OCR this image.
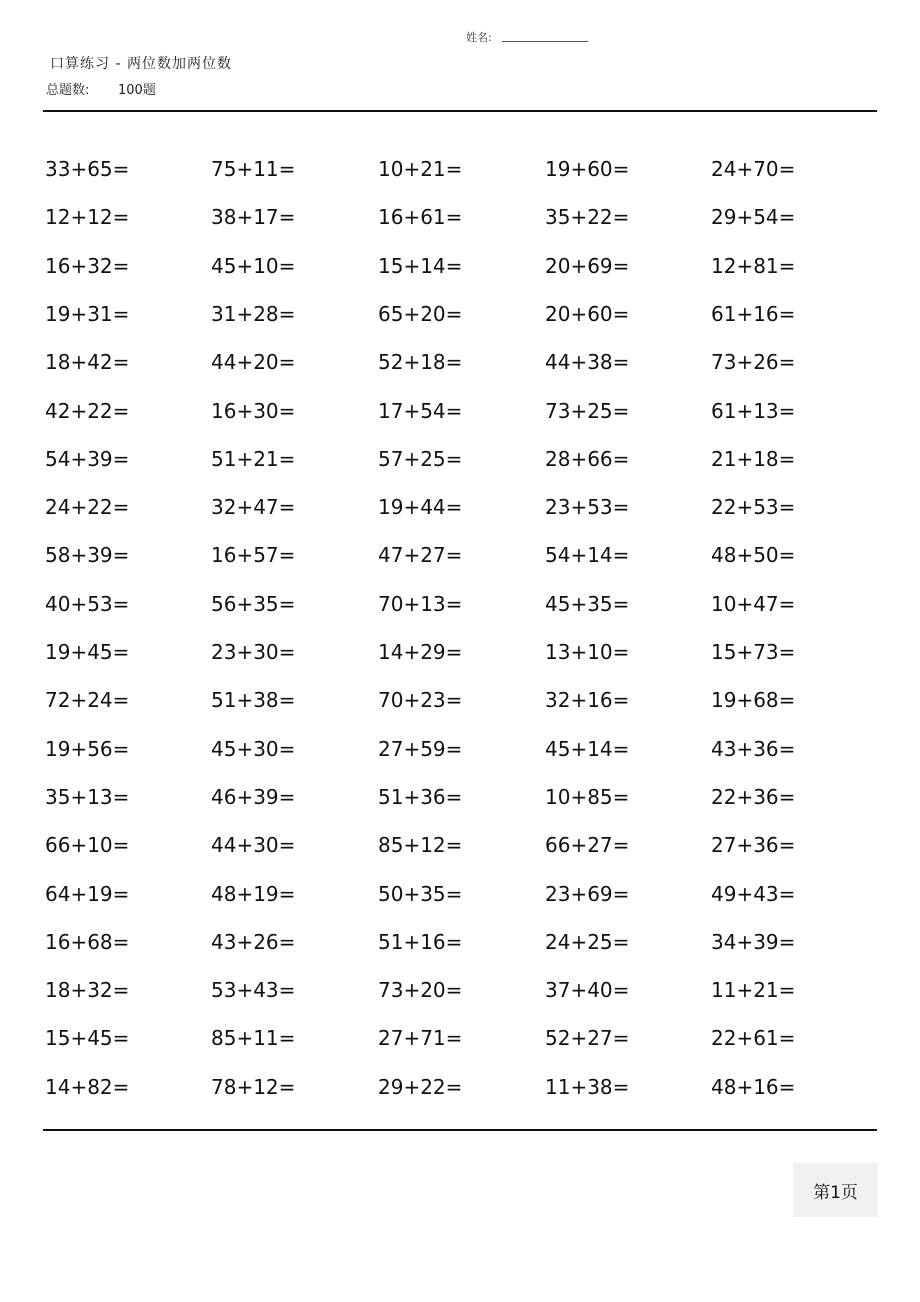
姓名:
口算练习 - 两位数加两位数
总题数: 100题
33+65=	75+11=	10+21=	19+60=	24+70=
12+12=	38+17=	16+61=	35+22=	29+54=
16+32=	45+10=	15+14=	20+69=	12+81=
19+31=	31+28=	65+20=	20+60=	61+16=
18+42=	44+20=	52+18=	44+38=	73+26=
42+22=	16+30=	17+54=	73+25=	61+13=
54+39=	51+21=	57+25=	28+66=	21+18=
24+22=	32+47=	19+44=	23+53=	22+53=
58+39=	16+57=	47+27=	54+14=	48+50=
40+53=	56+35=	70+13=	45+35=	10+47=
19+45=	23+30=	14+29=	13+10=	15+73=
72+24=	51+38=	70+23=	32+16=	19+68=
19+56=	45+30=	27+59=	45+14=	43+36=
35+13=	46+39=	51+36=	10+85=	22+36=
66+10=	44+30=	85+12=	66+27=	27+36=
64+19=	48+19=	50+35=	23+69=	49+43=
16+68=	43+26=	51+16=	24+25=	34+39=
18+32=	53+43=	73+20=	37+40=	11+21=
15+45=	85+11=	27+71=	52+27=	22+61=
14+82=	78+12=	29+22=	11+38=	48+16=
第1页
